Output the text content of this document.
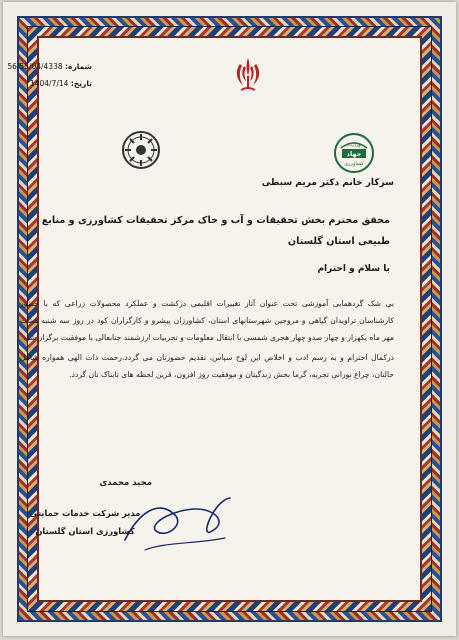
شماره: 56/55/04/4338
تاریخ: 1404/7/14
وزارت
جهاد
کشاورزی
سرکار خانم دکتر مریم سبطی
محقق محترم بخش تحقیقات و آب و خاک مرکز تحقیقات کشاورزی و منابع طبیعی استان گلستان
با سلام و احترام

بی شک گردهمایی آموزشی تحت عنوان آثار تغییرات اقلیمی درکشت و عملکرد محصولات زراعی که با حضور کارشناسان تراویدان گیاهی و مروجین شهرستانهای استان، کشاورزان پیشرو و کارگزاران کود در روز سه شنبه هشت مهر ماه یکهزار و چهار صدو چهار هجری شمسی با انتقال معلومات و تجربیات ارزشمند جنابعالی با موفقیت برگزار شد،

درکمال احترام و به رسم ادب و اخلاص این لوح سپاس، تقدیم حضورتان می گردد.رحمت ذات الهی همواره شامل حالتان، چراغ نورانی تجربه، گرما بخش زندگیتان و موفقیت روز افزون، قرین لحظه های تابناک تان گردد.

مجید محمدی
مدیر شرکت خدمات حمایتی کشاورزی استان گلستان
